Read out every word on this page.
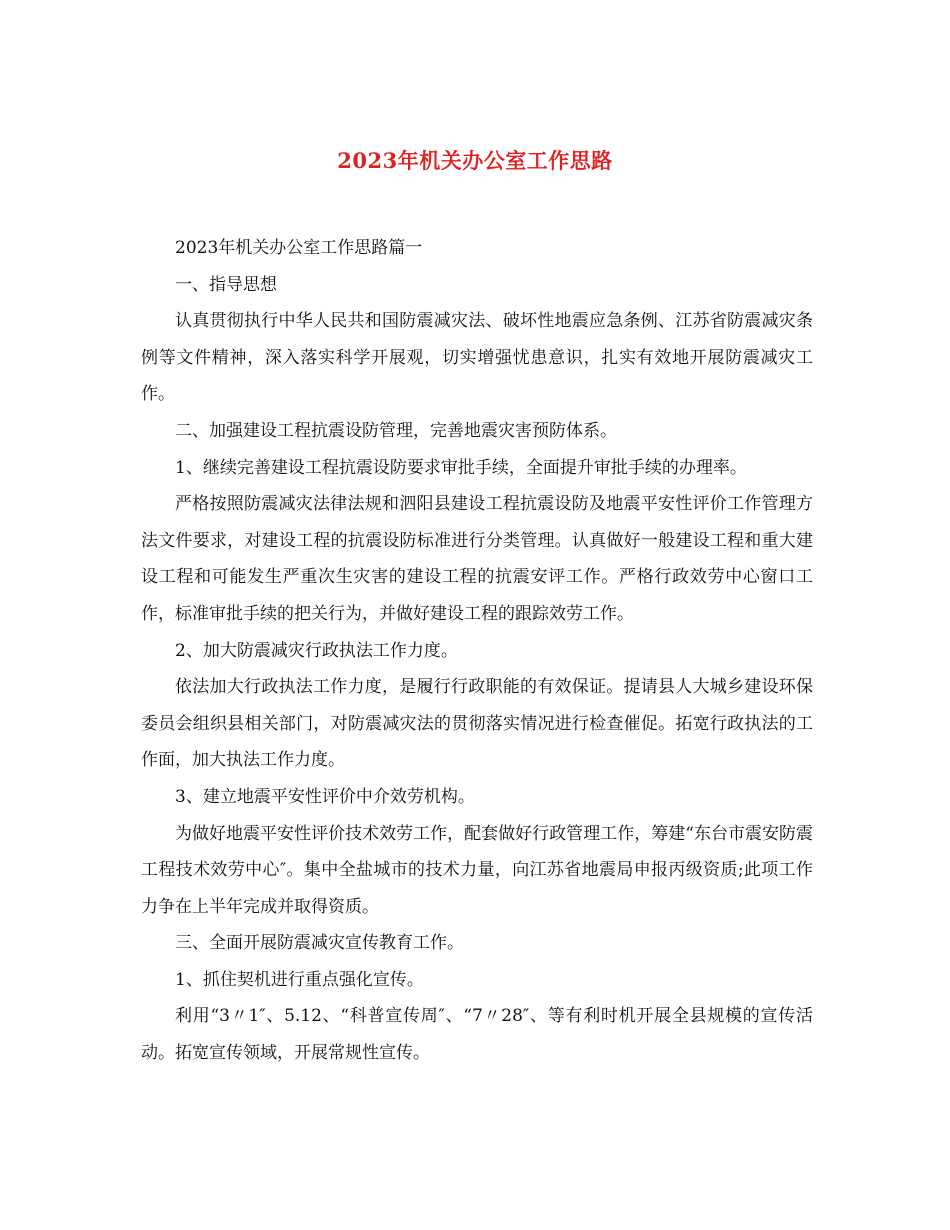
2023年机关办公室工作思路

2023年机关办公室工作思路篇一

一、指导思想

认真贯彻执行中华人民共和国防震减灾法、破坏性地震应急条例、江苏省防震减灾条例等文件精神，深入落实科学开展观，切实增强忧患意识，扎实有效地开展防震减灾工作。

二、加强建设工程抗震设防管理，完善地震灾害预防体系。

1、继续完善建设工程抗震设防要求审批手续，全面提升审批手续的办理率。

严格按照防震减灾法律法规和泗阳县建设工程抗震设防及地震平安性评价工作管理方法文件要求，对建设工程的抗震设防标准进行分类管理。认真做好一般建设工程和重大建设工程和可能发生严重次生灾害的建设工程的抗震安评工作。严格行政效劳中心窗口工作，标准审批手续的把关行为，并做好建设工程的跟踪效劳工作。

2、加大防震减灾行政执法工作力度。

依法加大行政执法工作力度，是履行行政职能的有效保证。提请县人大城乡建设环保委员会组织县相关部门，对防震减灾法的贯彻落实情况进行检查催促。拓宽行政执法的工作面，加大执法工作力度。

3、建立地震平安性评价中介效劳机构。

为做好地震平安性评价技术效劳工作，配套做好行政管理工作，筹建“东台市震安防震工程技术效劳中心″。集中全盐城市的技术力量，向江苏省地震局申报丙级资质;此项工作力争在上半年完成并取得资质。

三、全面开展防震减灾宣传教育工作。

1、抓住契机进行重点强化宣传。

利用“3〃1″、5.12、“科普宣传周″、“7〃28″、等有利时机开展全县规模的宣传活动。拓宽宣传领域，开展常规性宣传。
